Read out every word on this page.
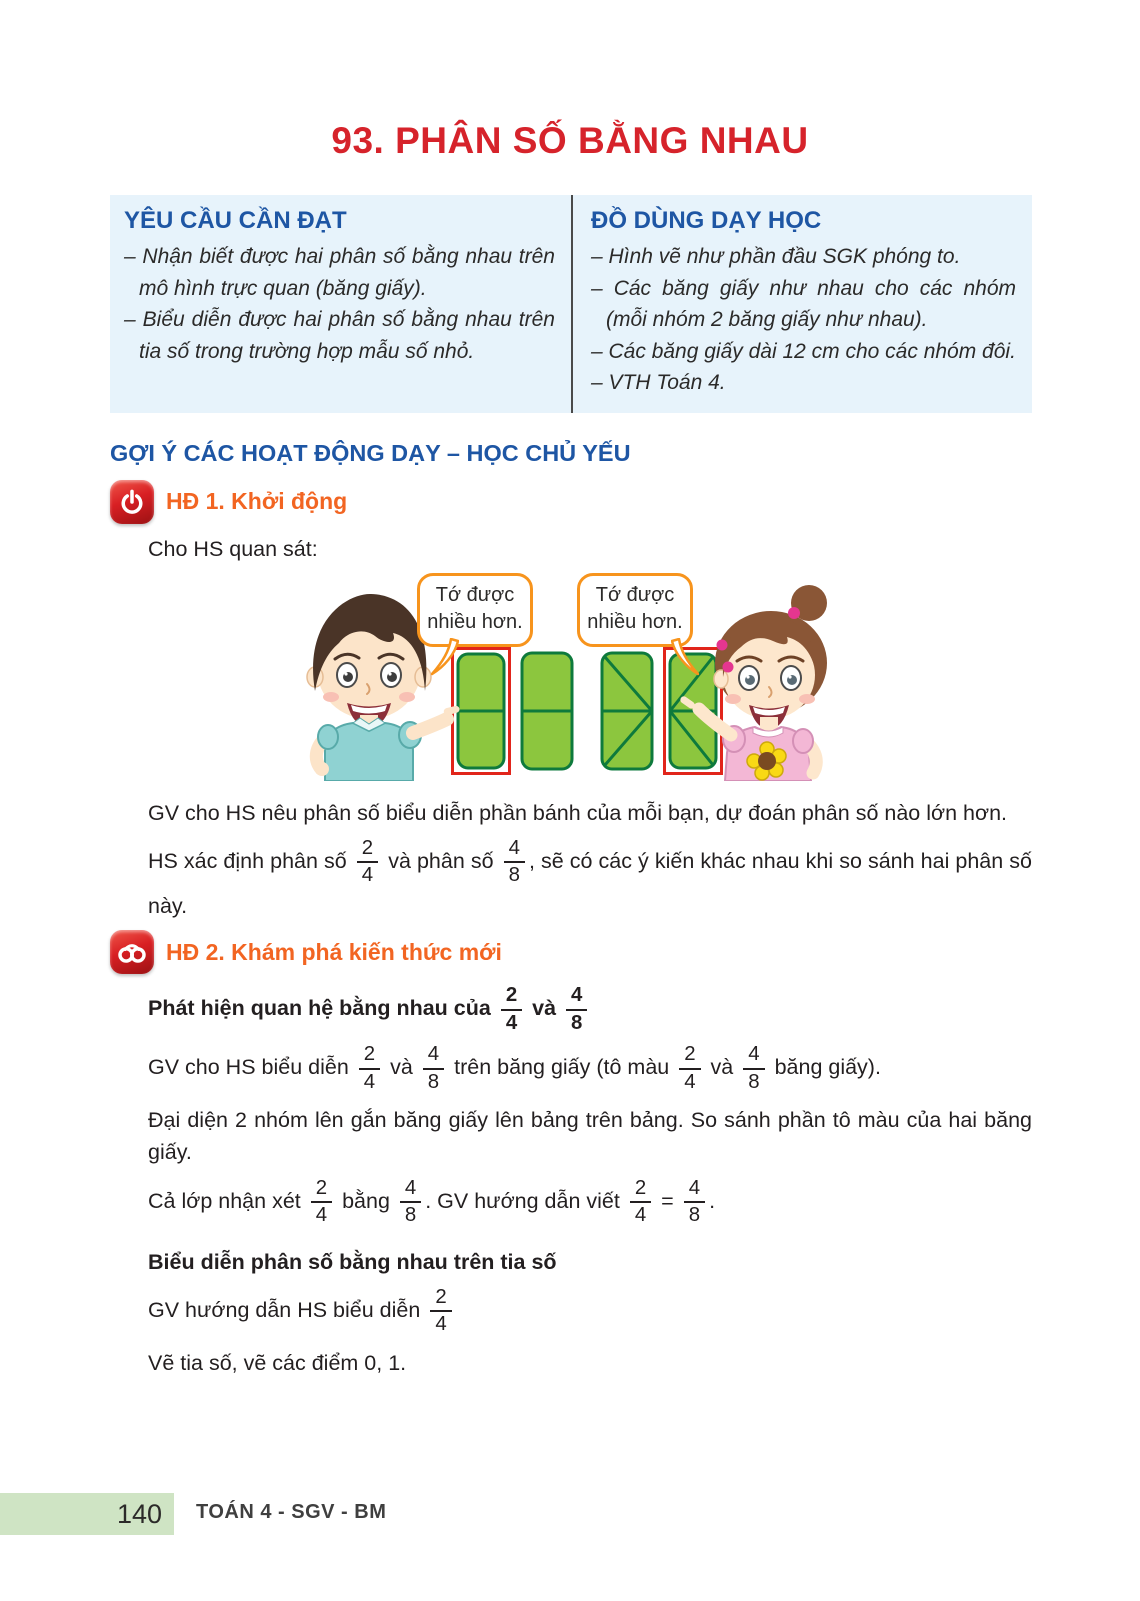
93. PHÂN SỐ BẰNG NHAU
YÊU CẦU CẦN ĐẠT
– Nhận biết được hai phân số bằng nhau trên mô hình trực quan (băng giấy).
– Biểu diễn được hai phân số bằng nhau trên tia số trong trường hợp mẫu số nhỏ.
ĐỒ DÙNG DẠY HỌC
– Hình vẽ như phần đầu SGK phóng to.
– Các băng giấy như nhau cho các nhóm (mỗi nhóm 2 băng giấy như nhau).
– Các băng giấy dài 12 cm cho các nhóm đôi.
– VTH Toán 4.
GỢI Ý CÁC HOẠT ĐỘNG DẠY – HỌC CHỦ YẾU
HĐ 1. Khởi động
Cho HS quan sát:
Tớ được nhiều hơn.
Tớ được nhiều hơn.
GV cho HS nêu phân số biểu diễn phần bánh của mỗi bạn, dự đoán phân số nào lớn hơn.
HS xác định phân số $\frac{2}{4}$ và phân số $\frac{4}{8}$ , sẽ có các ý kiến khác nhau khi so sánh hai phân số này.
HĐ 2. Khám phá kiến thức mới
Phát hiện quan hệ bằng nhau của $\frac{2}{4}$ và $\frac{4}{8}$
GV cho HS biểu diễn $\frac{2}{4}$ và $\frac{4}{8}$ trên băng giấy (tô màu $\frac{2}{4}$ và $\frac{4}{8}$ băng giấy).
Đại diện 2 nhóm lên gắn băng giấy lên bảng trên bảng. So sánh phần tô màu của hai băng giấy.
Cả lớp nhận xét $\frac{2}{4}$ bằng $\frac{4}{8}$ . GV hướng dẫn viết $\frac{2}{4} = \frac{4}{8}$ .
Biểu diễn phân số bằng nhau trên tia số
GV hướng dẫn HS biểu diễn $\frac{2}{4}$
Vẽ tia số, vẽ các điểm 0, 1.
140 TOÁN 4 - SGV - BM
